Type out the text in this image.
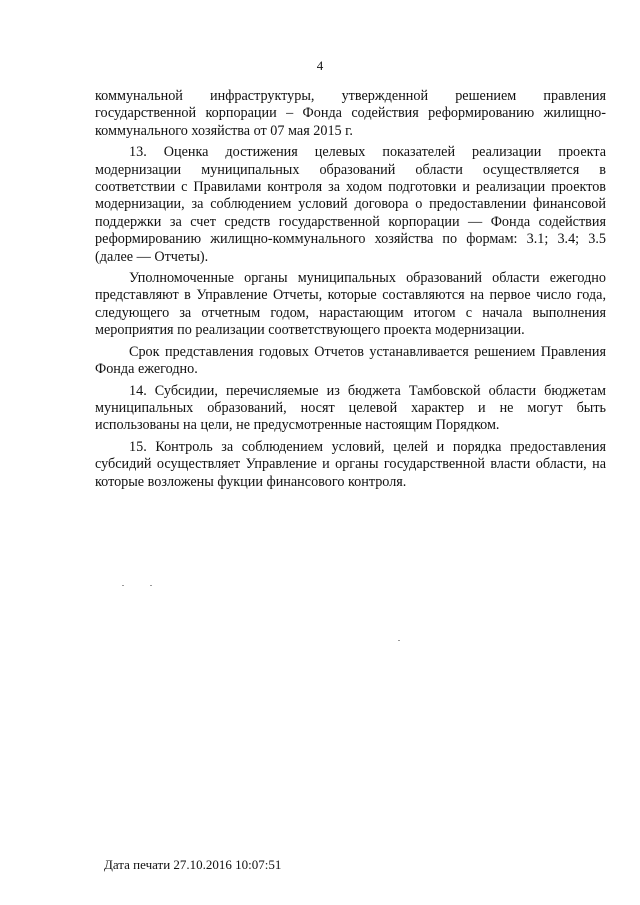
4

коммунальной инфраструктуры, утвержденной решением правления государственной корпорации – Фонда содействия реформированию жилищно-коммунального хозяйства от 07 мая 2015 г.

13. Оценка достижения целевых показателей реализации проекта модернизации муниципальных образований области осуществляется в соответствии с Правилами контроля за ходом подготовки и реализации проектов модернизации, за соблюдением условий договора о предоставлении финансовой поддержки за счет средств государственной корпорации — Фонда содействия реформированию жилищно-коммунального хозяйства по формам: 3.1; 3.4; 3.5 (далее — Отчеты).

Уполномоченные органы муниципальных образований области ежегодно представляют в Управление Отчеты, которые составляются на первое число года, следующего за отчетным годом, нарастающим итогом с начала выполнения мероприятия по реализации соответствующего проекта модернизации.

Срок представления годовых Отчетов устанавливается решением Правления Фонда ежегодно.

14. Субсидии, перечисляемые из бюджета Тамбовской области бюджетам муниципальных образований, носят целевой характер и не могут быть использованы на цели, не предусмотренные настоящим Порядком.

15. Контроль за соблюдением условий, целей и порядка предоставления субсидий осуществляет Управление и органы государственной власти области, на которые возложены фукции финансового контроля.

Дата печати 27.10.2016 10:07:51
